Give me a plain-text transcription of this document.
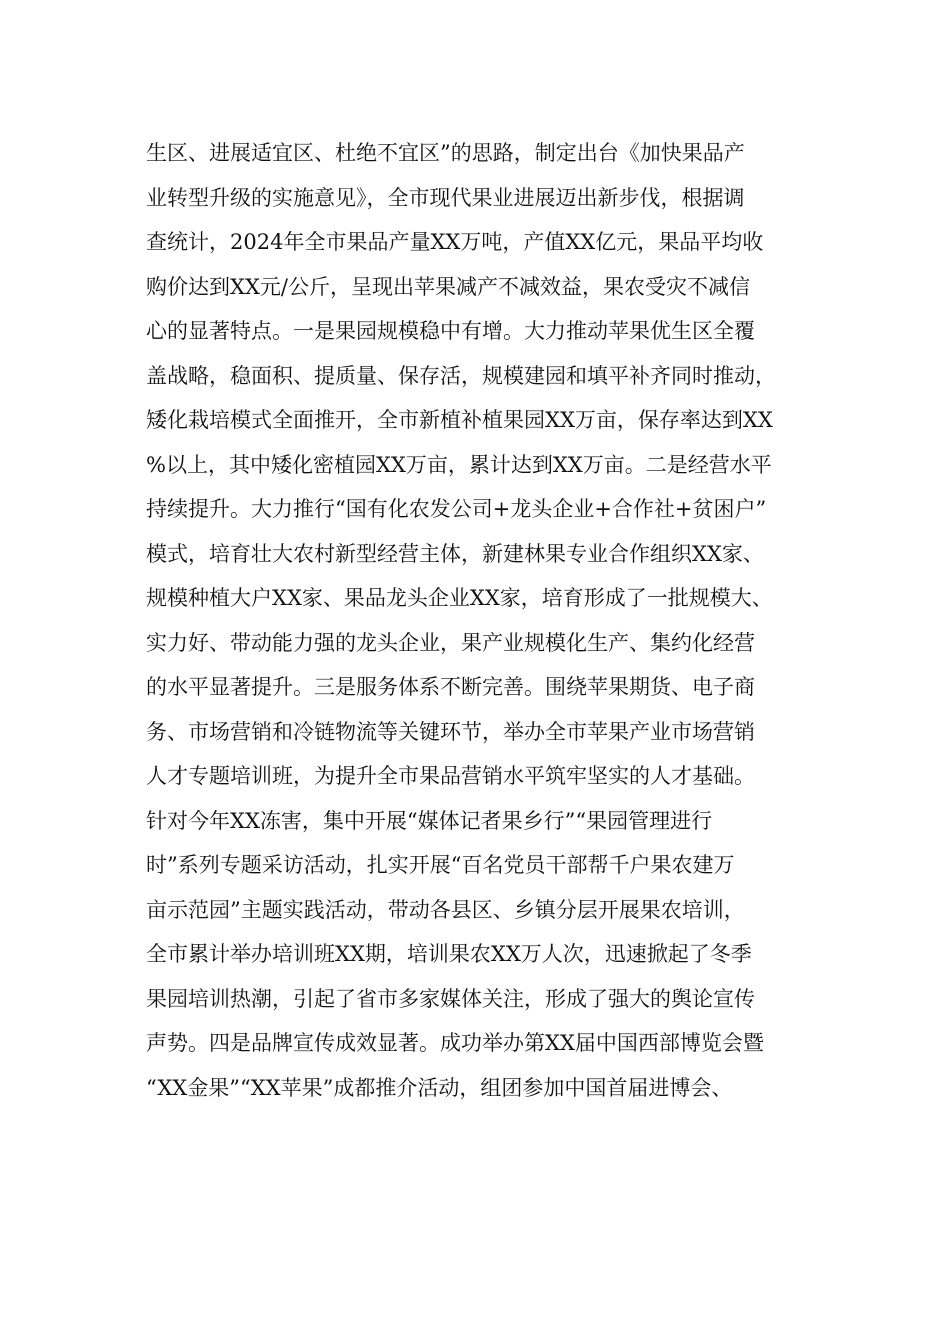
生区、进展适宜区、杜绝不宜区”的思路，制定出台《加快果品产
业转型升级的实施意见》，全市现代果业进展迈出新步伐，根据调
查统计，2024年全市果品产量XX万吨，产值XX亿元，果品平均收
购价达到XX元/公斤，呈现出苹果减产不减效益，果农受灾不减信
心的显著特点。一是果园规模稳中有增。大力推动苹果优生区全覆
盖战略，稳面积、提质量、保存活，规模建园和填平补齐同时推动，
矮化栽培模式全面推开，全市新植补植果园XX万亩，保存率达到XX
%以上，其中矮化密植园XX万亩，累计达到XX万亩。二是经营水平
持续提升。大力推行“国有化农发公司+龙头企业+合作社+贫困户”
模式，培育壮大农村新型经营主体，新建林果专业合作组织XX家、
规模种植大户XX家、果品龙头企业XX家，培育形成了一批规模大、
实力好、带动能力强的龙头企业，果产业规模化生产、集约化经营
的水平显著提升。三是服务体系不断完善。围绕苹果期货、电子商
务、市场营销和冷链物流等关键环节，举办全市苹果产业市场营销
人才专题培训班，为提升全市果品营销水平筑牢坚实的人才基础。
针对今年XX冻害，集中开展“媒体记者果乡行”“果园管理进行
时”系列专题采访活动，扎实开展“百名党员干部帮千户果农建万
亩示范园”主题实践活动，带动各县区、乡镇分层开展果农培训，
全市累计举办培训班XX期，培训果农XX万人次，迅速掀起了冬季
果园培训热潮，引起了省市多家媒体关注，形成了强大的舆论宣传
声势。四是品牌宣传成效显著。成功举办第XX届中国西部博览会暨
“XX金果”“XX苹果”成都推介活动，组团参加中国首届进博会、
